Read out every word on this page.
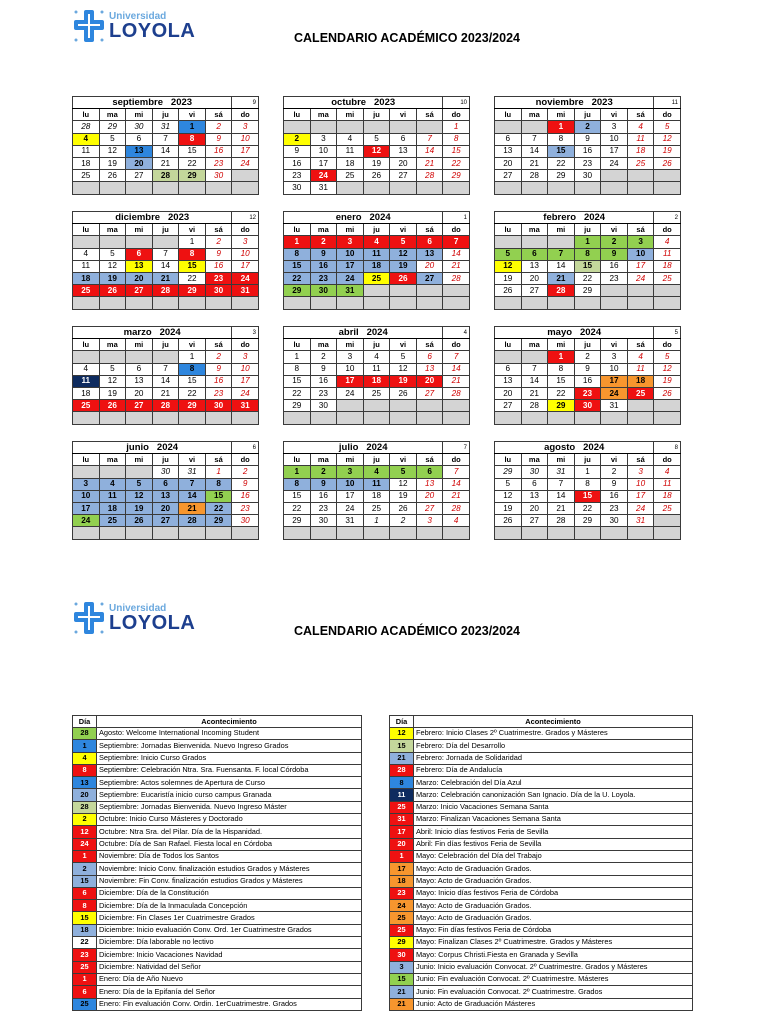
Universidad
LOYOLA	CALENDARIO ACADÉMICO 2023/2024
septiembre 2023						9
lu	ma	mi	ju	vi	sá	do
28	29	30	31	1	2	3
4	5	6	7	8	9	10
11	12	13	14	15	16	17
18	19	20	21	22	23	24
25	26	27	28	29	30	

octubre 2023						10
lu	ma	mi	ju	vi	sá	do
						1
2	3	4	5	6	7	8
9	10	11	12	13	14	15
16	17	18	19	20	21	22
23	24	25	26	27	28	29
30	31					
noviembre 2023						11
lu	ma	mi	ju	vi	sá	do
		1	2	3	4	5
6	7	8	9	10	11	12
13	14	15	16	17	18	19
20	21	22	23	24	25	26
27	28	29	30			

diciembre 2023						12
lu	ma	mi	ju	vi	sá	do
				1	2	3
4	5	6	7	8	9	10
11	12	13	14	15	16	17
18	19	20	21	22	23	24
25	26	27	28	29	30	31

enero 2024						1
lu	ma	mi	ju	vi	sá	do
1	2	3	4	5	6	7
8	9	10	11	12	13	14
15	16	17	18	19	20	21
22	23	24	25	26	27	28
29	30	31				

febrero 2024						2
lu	ma	mi	ju	vi	sá	do
			1	2	3	4
5	6	7	8	9	10	11
12	13	14	15	16	17	18
19	20	21	22	23	24	25
26	27	28	29			

marzo 2024						3
lu	ma	mi	ju	vi	sá	do
				1	2	3
4	5	6	7	8	9	10
11	12	13	14	15	16	17
18	19	20	21	22	23	24
25	26	27	28	29	30	31

abril 2024						4
lu	ma	mi	ju	vi	sá	do
1	2	3	4	5	6	7
8	9	10	11	12	13	14
15	16	17	18	19	20	21
22	23	24	25	26	27	28
29	30					

mayo 2024						5
lu	ma	mi	ju	vi	sá	do
		1	2	3	4	5
6	7	8	9	10	11	12
13	14	15	16	17	18	19
20	21	22	23	24	25	26
27	28	29	30	31		

junio 2024						6
lu	ma	mi	ju	vi	sá	do
			30	31	1	2
3	4	5	6	7	8	9
10	11	12	13	14	15	16
17	18	19	20	21	22	23
24	25	26	27	28	29	30

julio 2024						7
lu	ma	mi	ju	vi	sá	do
1	2	3	4	5	6	7
8	9	10	11	12	13	14
15	16	17	18	19	20	21
22	23	24	25	26	27	28
29	30	31	1	2	3	4

agosto 2024						8
lu	ma	mi	ju	vi	sá	do
29	30	31	1	2	3	4
5	6	7	8	9	10	11
12	13	14	15	16	17	18
19	20	21	22	23	24	25
26	27	28	29	30	31	

Universidad
LOYOLA	CALENDARIO ACADÉMICO 2023/2024
Día	Acontecimiento
28	Agosto: Welcome International Incoming Student
1	Septiembre: Jornadas Bienvenida. Nuevo Ingreso Grados
4	Septiembre: Inicio Curso Grados
8	Septiembre: Celebración Ntra. Sra. Fuensanta. F. local Córdoba
13	Septiembre: Actos solemnes de Apertura de Curso
20	Septiembre: Eucaristía inicio curso campus Granada
28	Septiembre: Jornadas Bienvenida. Nuevo Ingreso Máster
2	Octubre: Inicio Curso Másteres y Doctorado
12	Octubre: Ntra Sra. del Pilar. Día de la Hispanidad.
24	Octubre: Día de San Rafael. Fiesta local en Córdoba
1	Noviembre: Día de Todos los Santos
2	Noviembre: Inicio Conv. finalización estudios Grados y Másteres
15	Noviembre: Fin Conv. finalización estudios Grados y Másteres
6	Diciembre: Día de la Constitución
8	Diciembre: Día de la Inmaculada Concepción
15	Diciembre: Fin Clases 1er Cuatrimestre Grados
18	Diciembre: Inicio evaluación Conv. Ord. 1er Cuatrimestre Grados
22	Diciembre: Día laborable no lectivo
23	Diciembre: Inicio Vacaciones Navidad
25	Diciembre: Natividad del Señor
1	Enero: Día de Año Nuevo
6	Enero: Día de la Epifanía del Señor
25	Enero: Fin evaluación Conv. Ordin. 1erCuatrimestre. Grados
Día	Acontecimiento
12	Febrero: Inicio Clases 2º Cuatrimestre. Grados y Másteres
15	Febrero: Día del Desarrollo
21	Febrero: Jornada de Solidaridad
28	Febrero: Día de Andalucía
8	Marzo: Celebración del Día Azul
11	Marzo: Celebración canonización San Ignacio. Día de la U. Loyola.
25	Marzo: Inicio Vacaciones Semana Santa
31	Marzo: Finalizan Vacaciones Semana Santa
17	Abril: Inicio días festivos Feria de Sevilla
20	Abril: Fin días festivos Feria de Sevilla
1	Mayo: Celebración del Día del Trabajo
17	Mayo: Acto de Graduación Grados.
18	Mayo: Acto de Graduación Grados.
23	Mayo: Inicio días festivos Feria de Córdoba
24	Mayo: Acto de Graduación Grados.
25	Mayo: Acto de Graduación Grados.
25	Mayo: Fin días festivos Feria de Córdoba
29	Mayo: Finalizan Clases 2º Cuatrimestre. Grados y Másteres
30	Mayo: Corpus Christi.Fiesta en Granada y Sevilla
3	Junio: Inicio evaluación Convocat. 2º Cuatrimestre. Grados y Másteres
15	Junio: Fin evaluación Convocat. 2º Cuatrimestre. Másteres
21	Junio: Fin evaluación Convocat. 2º Cuatrimestre. Grados
21	Junio: Acto de Graduación Másteres
